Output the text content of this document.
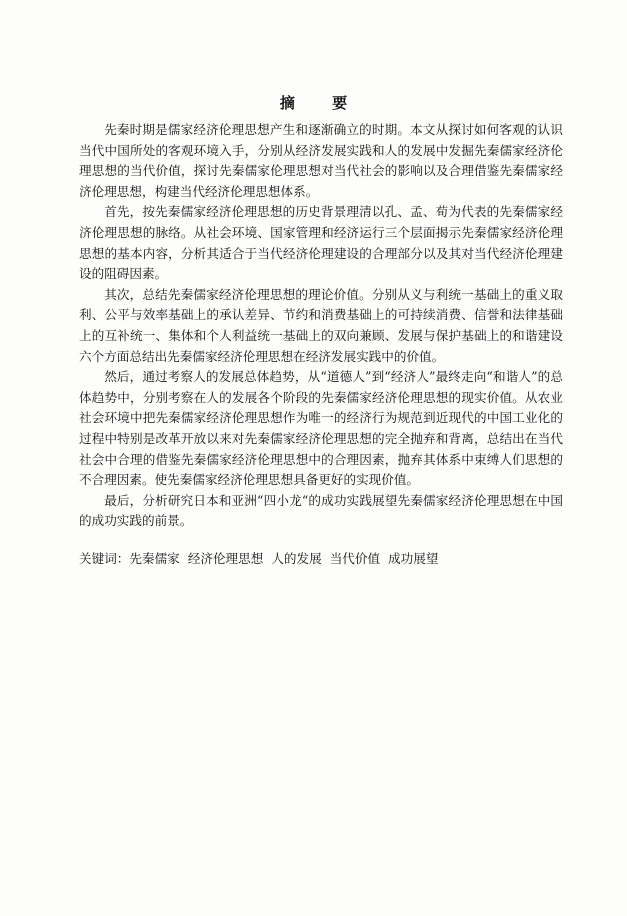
摘 要

先秦时期是儒家经济伦理思想产生和逐渐确立的时期。本文从探讨如何客观的认识当代中国所处的客观环境入手，分别从经济发展实践和人的发展中发掘先秦儒家经济伦理思想的当代价值，探讨先秦儒家伦理思想对当代社会的影响以及合理借鉴先秦儒家经济伦理思想，构建当代经济伦理思想体系。

首先，按先秦儒家经济伦理思想的历史背景理清以孔、孟、荀为代表的先秦儒家经济伦理思想的脉络。从社会环境、国家管理和经济运行三个层面揭示先秦儒家经济伦理思想的基本内容，分析其适合于当代经济伦理建设的合理部分以及其对当代经济伦理建设的阻碍因素。

其次，总结先秦儒家经济伦理思想的理论价值。分别从义与利统一基础上的重义取利、公平与效率基础上的承认差异、节约和消费基础上的可持续消费、信誉和法律基础上的互补统一、集体和个人利益统一基础上的双向兼顾、发展与保护基础上的和谐建设六个方面总结出先秦儒家经济伦理思想在经济发展实践中的价值。

然后，通过考察人的发展总体趋势，从“道德人”到“经济人”最终走向“和谐人”的总体趋势中，分别考察在人的发展各个阶段的先秦儒家经济伦理思想的现实价值。从农业社会环境中把先秦儒家经济伦理思想作为唯一的经济行为规范到近现代的中国工业化的过程中特别是改革开放以来对先秦儒家经济伦理思想的完全抛弃和背离，总结出在当代社会中合理的借鉴先秦儒家经济伦理思想中的合理因素，抛弃其体系中束缚人们思想的不合理因素。使先秦儒家经济伦理思想具备更好的实现价值。

最后，分析研究日本和亚洲“四小龙“的成功实践展望先秦儒家经济伦理思想在中国的成功实践的前景。

关键词：先秦儒家 经济伦理思想 人的发展 当代价值 成功展望
